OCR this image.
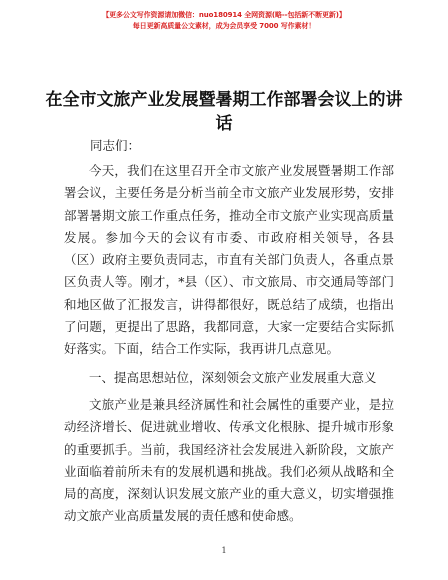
【更多公文写作资源请加微信：nuo180914 全网资源(略--包括新不断更新)】
每日更新高质量公文素材，成为会员享受 7000 写作素材！
在全市文旅产业发展暨暑期工作部署会议上的讲话
同志们：

今天，我们在这里召开全市文旅产业发展暨暑期工作部署会议，主要任务是分析当前全市文旅产业发展形势，安排部署暑期文旅工作重点任务，推动全市文旅产业实现高质量发展。参加今天的会议有市委、市政府相关领导，各县（区）政府主要负责同志，市直有关部门负责人，各重点景区负责人等。刚才，*县（区）、市文旅局、市交通局等部门和地区做了汇报发言，讲得都很好，既总结了成绩，也指出了问题，更提出了思路，我都同意，大家一定要结合实际抓好落实。下面，结合工作实际，我再讲几点意见。

一、提高思想站位，深刻领会文旅产业发展重大意义

文旅产业是兼具经济属性和社会属性的重要产业，是拉动经济增长、促进就业增收、传承文化根脉、提升城市形象的重要抓手。当前，我国经济社会发展进入新阶段，文旅产业面临着前所未有的发展机遇和挑战。我们必须从战略和全局的高度，深刻认识发展文旅产业的重大意义，切实增强推动文旅产业高质量发展的责任感和使命感。

1
